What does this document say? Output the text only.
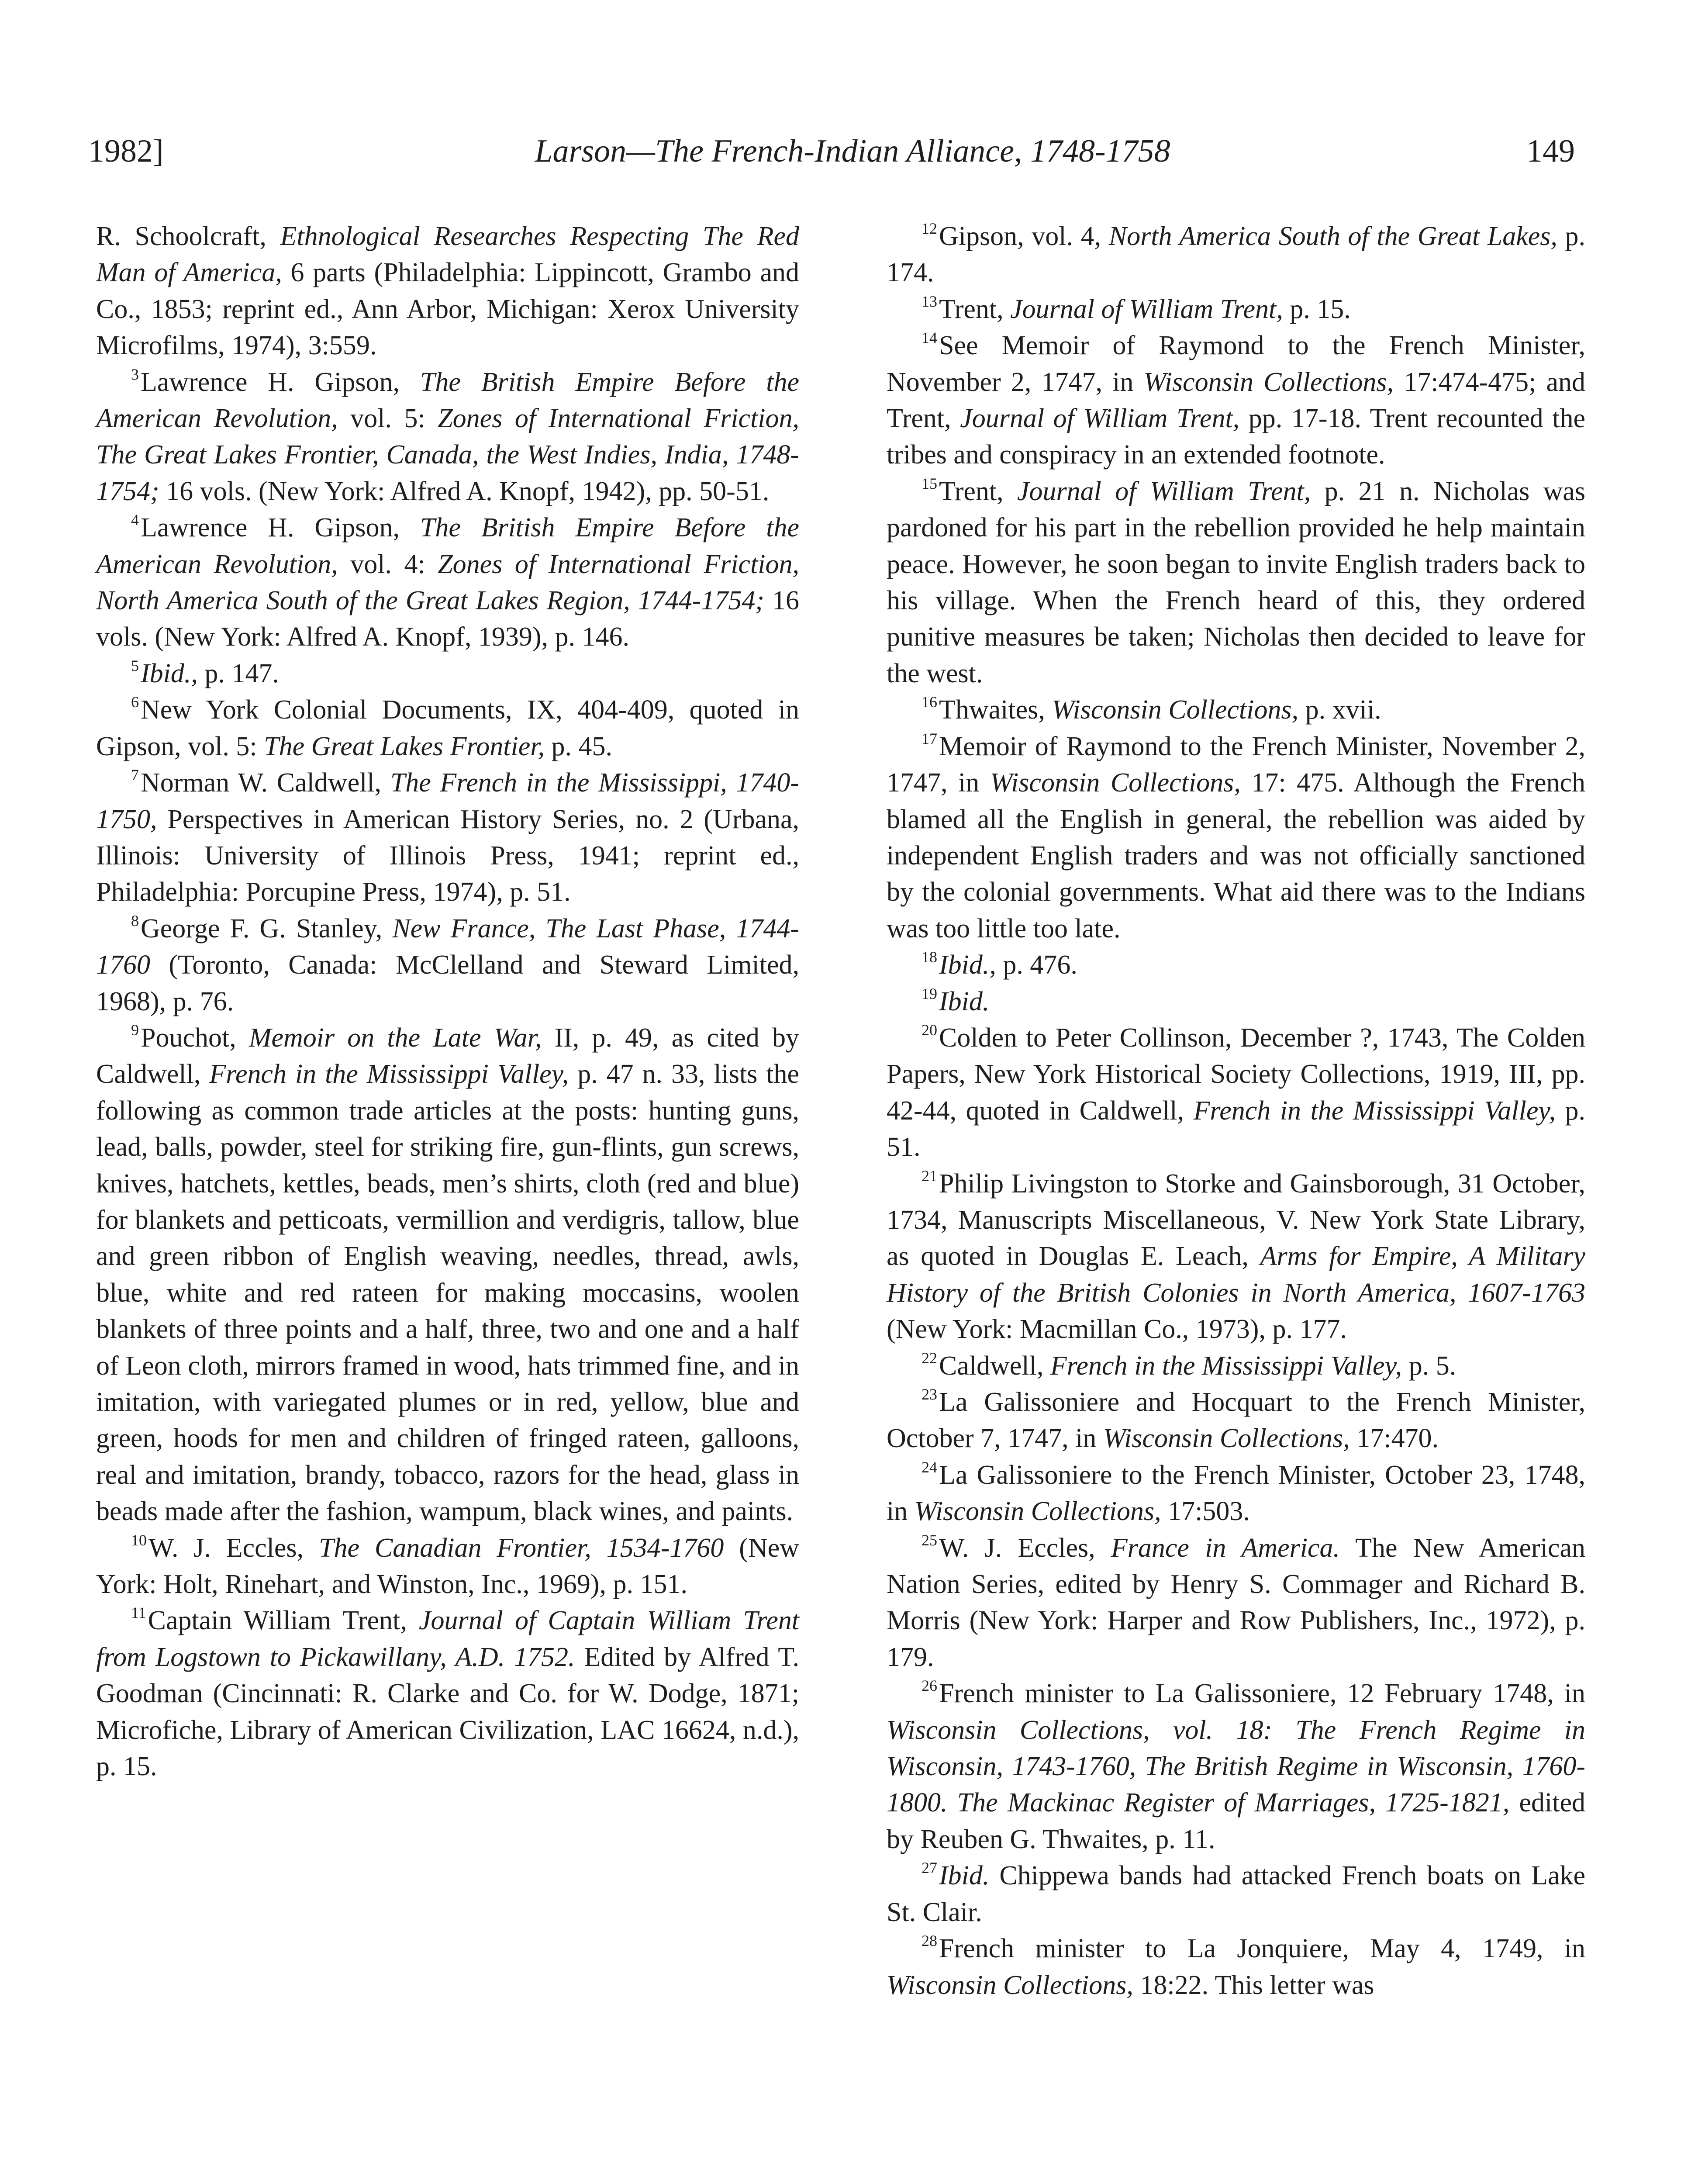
1982]	Larson—The French-Indian Alliance, 1748-1758	149

R. Schoolcraft, Ethnological Researches Respecting The Red Man of America, 6 parts (Philadelphia: Lippincott, Grambo and Co., 1853; reprint ed., Ann Arbor, Michigan: Xerox University Microfilms, 1974), 3:559.

$^3$Lawrence H. Gipson, The British Empire Before the American Revolution, vol. 5: Zones of International Friction, The Great Lakes Frontier, Canada, the West Indies, India, 1748-1754; 16 vols. (New York: Alfred A. Knopf, 1942), pp. 50-51.

$^4$Lawrence H. Gipson, The British Empire Before the American Revolution, vol. 4: Zones of International Friction, North America South of the Great Lakes Region, 1744-1754; 16 vols. (New York: Alfred A. Knopf, 1939), p. 146.

$^5$Ibid., p. 147.

$^6$New York Colonial Documents, IX, 404-409, quoted in Gipson, vol. 5: The Great Lakes Frontier, p. 45.

$^7$Norman W. Caldwell, The French in the Mississippi, 1740-1750, Perspectives in American History Series, no. 2 (Urbana, Illinois: University of Illinois Press, 1941; reprint ed., Philadelphia: Porcupine Press, 1974), p. 51.

$^8$George F. G. Stanley, New France, The Last Phase, 1744-1760 (Toronto, Canada: McClelland and Steward Limited, 1968), p. 76.

$^9$Pouchot, Memoir on the Late War, II, p. 49, as cited by Caldwell, French in the Mississippi Valley, p. 47 n. 33, lists the following as common trade articles at the posts: hunting guns, lead, balls, powder, steel for striking fire, gun-flints, gun screws, knives, hatchets, kettles, beads, men’s shirts, cloth (red and blue) for blankets and petticoats, vermillion and verdigris, tallow, blue and green ribbon of English weaving, needles, thread, awls, blue, white and red rateen for making moccasins, woolen blankets of three points and a half, three, two and one and a half of Leon cloth, mirrors framed in wood, hats trimmed fine, and in imitation, with variegated plumes or in red, yellow, blue and green, hoods for men and children of fringed rateen, galloons, real and imitation, brandy, tobacco, razors for the head, glass in beads made after the fashion, wampum, black wines, and paints.

$^{10}$W. J. Eccles, The Canadian Frontier, 1534-1760 (New York: Holt, Rinehart, and Winston, Inc., 1969), p. 151.

$^{11}$Captain William Trent, Journal of Captain William Trent from Logstown to Pickawillany, A.D. 1752. Edited by Alfred T. Goodman (Cincinnati: R. Clarke and Co. for W. Dodge, 1871; Microfiche, Library of American Civilization, LAC 16624, n.d.), p. 15.

$^{12}$Gipson, vol. 4, North America South of the Great Lakes, p. 174.

$^{13}$Trent, Journal of William Trent, p. 15.

$^{14}$See Memoir of Raymond to the French Minister, November 2, 1747, in Wisconsin Collections, 17:474-475; and Trent, Journal of William Trent, pp. 17-18. Trent recounted the tribes and conspiracy in an extended footnote.

$^{15}$Trent, Journal of William Trent, p. 21 n. Nicholas was pardoned for his part in the rebellion provided he help maintain peace. However, he soon began to invite English traders back to his village. When the French heard of this, they ordered punitive measures be taken; Nicholas then decided to leave for the west.

$^{16}$Thwaites, Wisconsin Collections, p. xvii.

$^{17}$Memoir of Raymond to the French Minister, November 2, 1747, in Wisconsin Collections, 17: 475. Although the French blamed all the English in general, the rebellion was aided by independent English traders and was not officially sanctioned by the colonial governments. What aid there was to the Indians was too little too late.

$^{18}$Ibid., p. 476.

$^{19}$Ibid.

$^{20}$Colden to Peter Collinson, December ?, 1743, The Colden Papers, New York Historical Society Collections, 1919, III, pp. 42-44, quoted in Caldwell, French in the Mississippi Valley, p. 51.

$^{21}$Philip Livingston to Storke and Gainsborough, 31 October, 1734, Manuscripts Miscellaneous, V. New York State Library, as quoted in Douglas E. Leach, Arms for Empire, A Military History of the British Colonies in North America, 1607-1763 (New York: Macmillan Co., 1973), p. 177.

$^{22}$Caldwell, French in the Mississippi Valley, p. 5.

$^{23}$La Galissoniere and Hocquart to the French Minister, October 7, 1747, in Wisconsin Collections, 17:470.

$^{24}$La Galissoniere to the French Minister, October 23, 1748, in Wisconsin Collections, 17:503.

$^{25}$W. J. Eccles, France in America. The New American Nation Series, edited by Henry S. Commager and Richard B. Morris (New York: Harper and Row Publishers, Inc., 1972), p. 179.

$^{26}$French minister to La Galissoniere, 12 February 1748, in Wisconsin Collections, vol. 18: The French Regime in Wisconsin, 1743-1760, The British Regime in Wisconsin, 1760-1800. The Mackinac Register of Marriages, 1725-1821, edited by Reuben G. Thwaites, p. 11.

$^{27}$Ibid. Chippewa bands had attacked French boats on Lake St. Clair.

$^{28}$French minister to La Jonquiere, May 4, 1749, in Wisconsin Collections, 18:22. This letter was
